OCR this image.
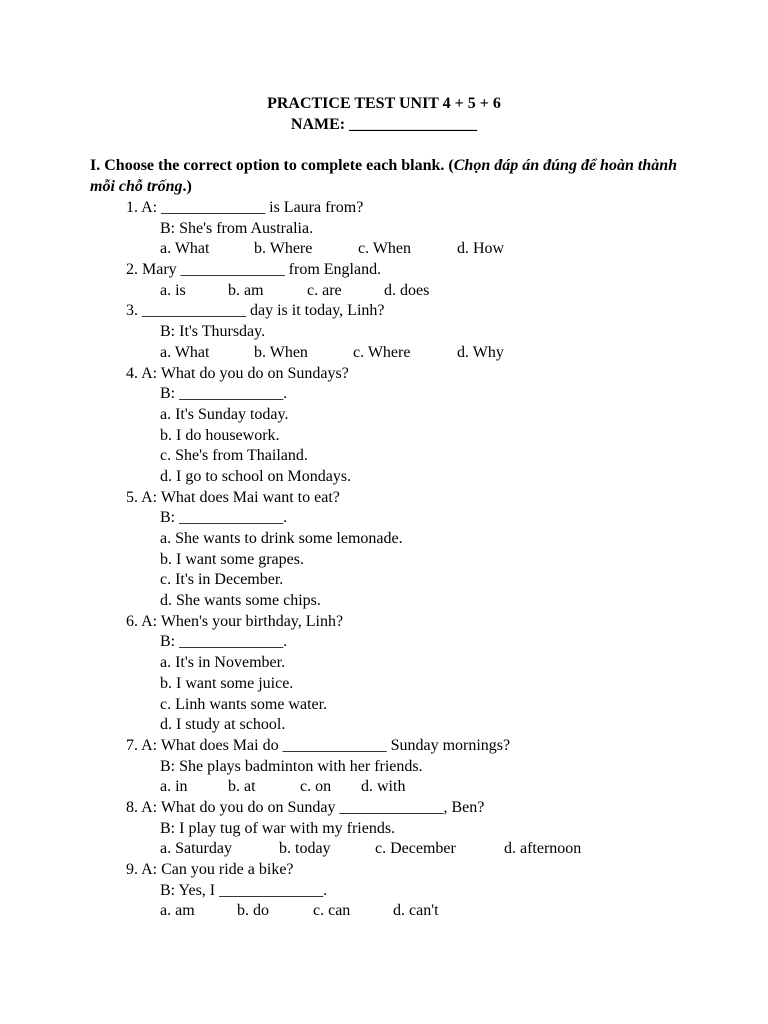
PRACTICE TEST UNIT 4 + 5 + 6
NAME: ________________
I. Choose the correct option to complete each blank. (Chọn đáp án đúng để hoàn thành mỗi chỗ trống.)
1. A: _____________ is Laura from?
B: She's from Australia.
a. What	b. Where	c. When	d. How
2. Mary _____________ from England.
a. is	b. am	c. are	d. does
3. _____________ day is it today, Linh?
B: It's Thursday.
a. What	b. When	c. Where	d. Why
4. A: What do you do on Sundays?
B: _____________.
a. It's Sunday today.
b. I do housework.
c. She's from Thailand.
d. I go to school on Mondays.
5. A: What does Mai want to eat?
B: _____________.
a. She wants to drink some lemonade.
b. I want some grapes.
c. It's in December.
d. She wants some chips.
6. A: When's your birthday, Linh?
B: _____________.
a. It's in November.
b. I want some juice.
c. Linh wants some water.
d. I study at school.
7. A: What does Mai do _____________ Sunday mornings?
B: She plays badminton with her friends.
a. in	b. at	c. on d. with
8. A: What do you do on Sunday _____________, Ben?
B: I play tug of war with my friends.
a. Saturday	b. today	c. December	d. afternoon
9. A: Can you ride a bike?
B: Yes, I _____________.
a. am	b. do	c. can	d. can't
